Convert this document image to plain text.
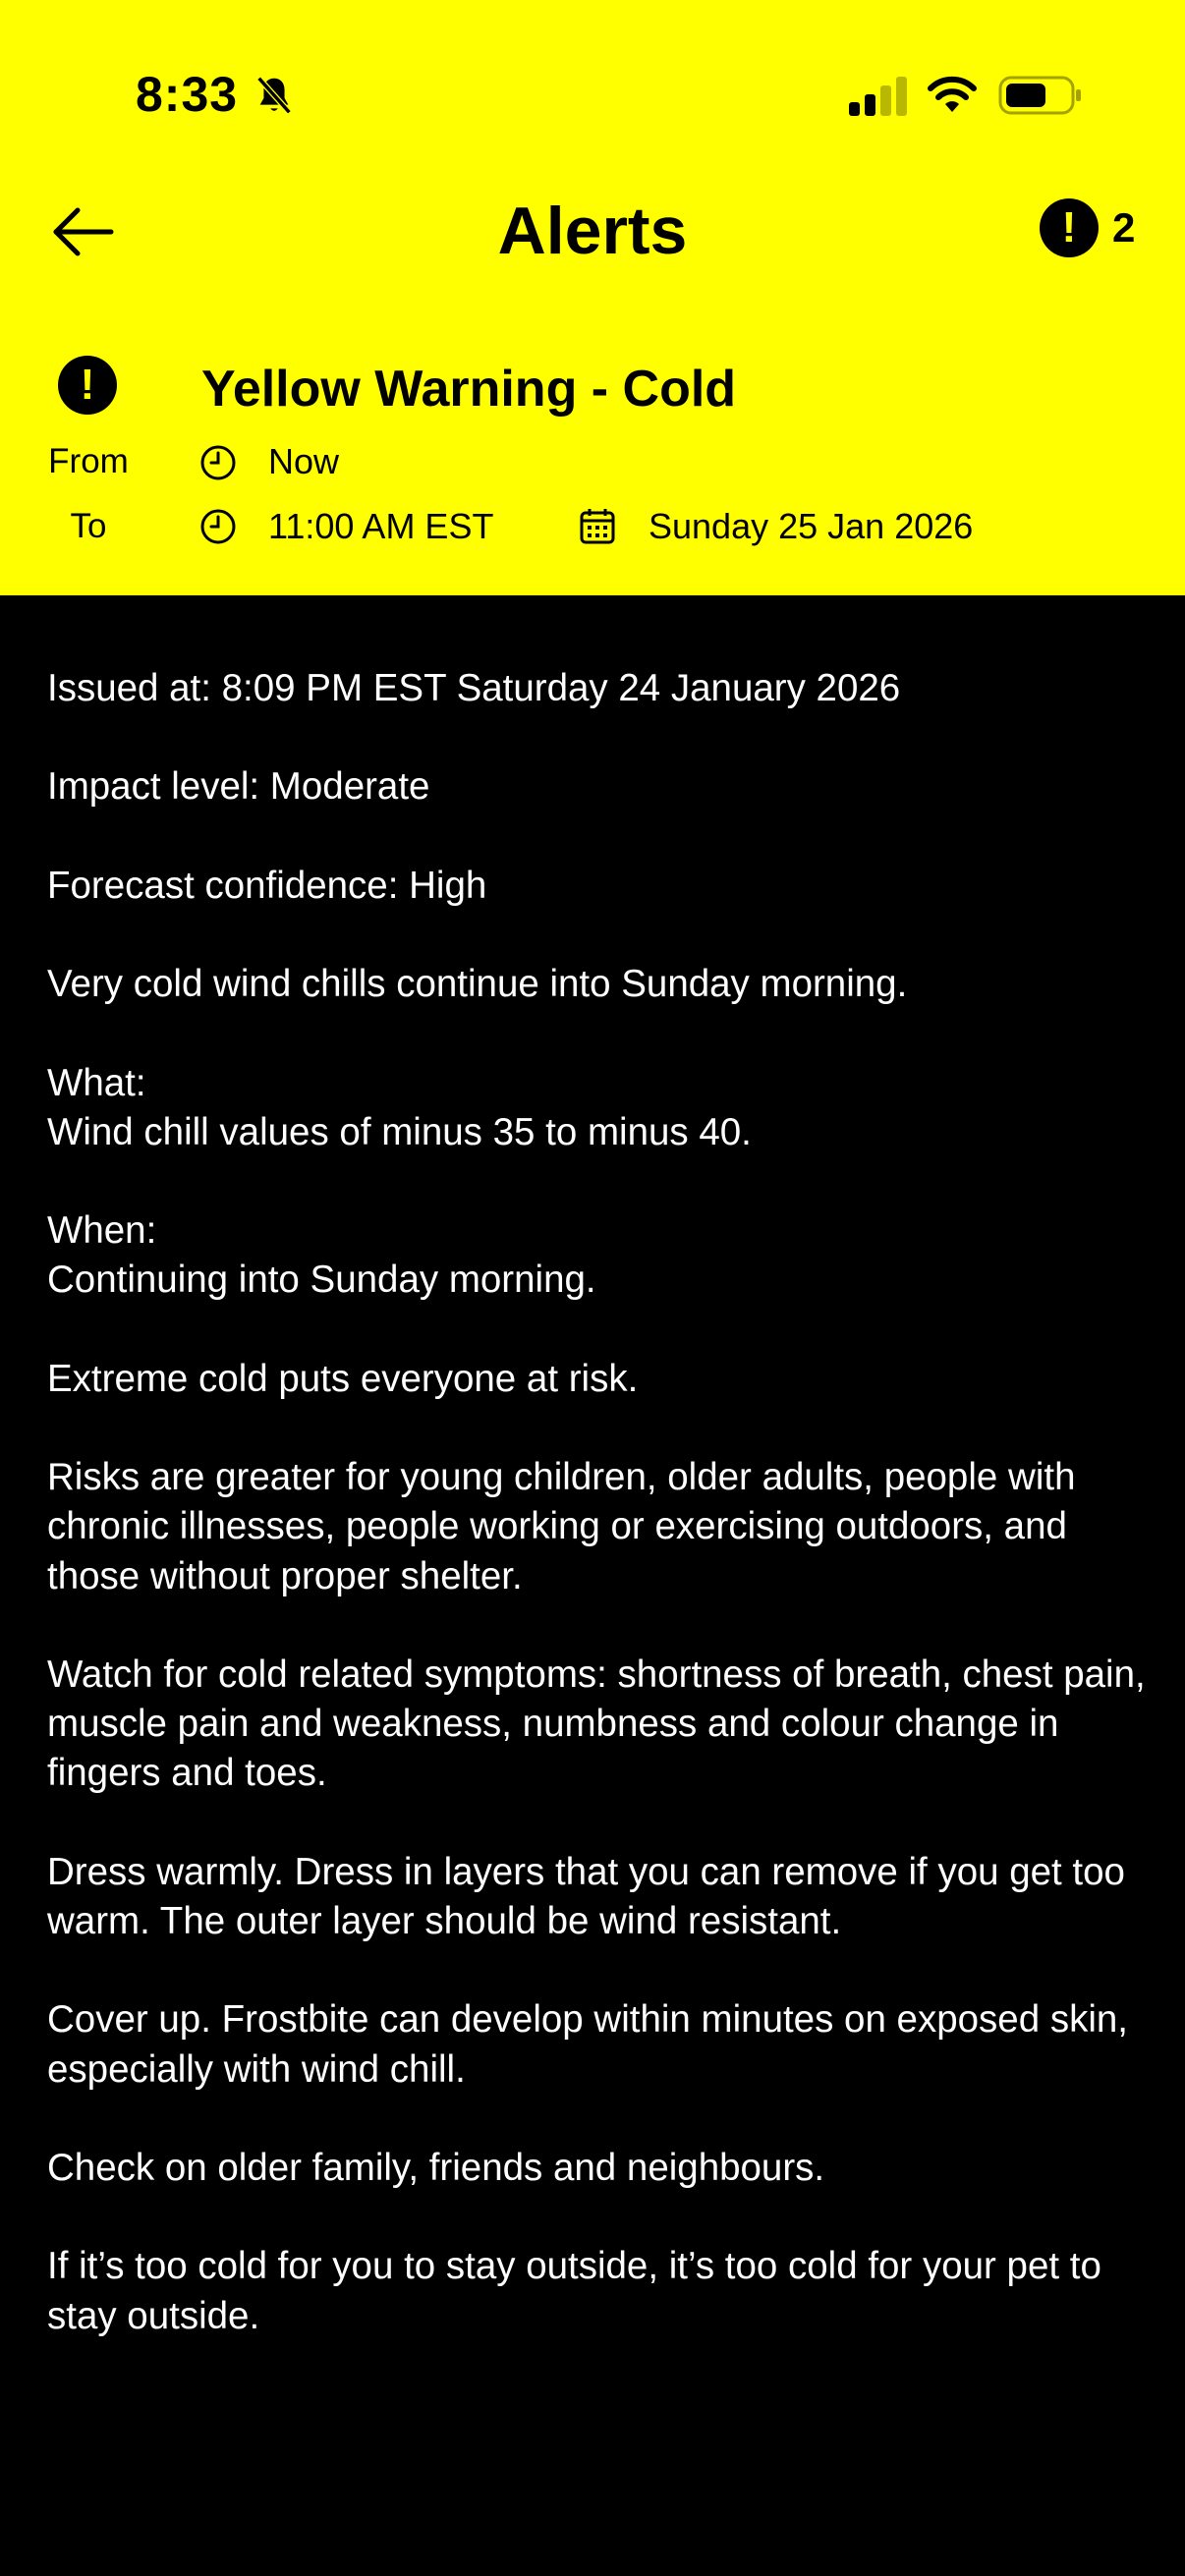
8:33
Alerts	! 2
!	Yellow Warning - Cold
From	Now
To	11:00 AM EST	Sunday 25 Jan 2026

Issued at: 8:09 PM EST Saturday 24 January 2026

Impact level: Moderate

Forecast confidence: High

Very cold wind chills continue into Sunday morning.

What:
Wind chill values of minus 35 to minus 40.

When:
Continuing into Sunday morning.

Extreme cold puts everyone at risk.

Risks are greater for young children, older adults, people with chronic illnesses, people working or exercising outdoors, and those without proper shelter.

Watch for cold related symptoms: shortness of breath, chest pain, muscle pain and weakness, numbness and colour change in fingers and toes.

Dress warmly. Dress in layers that you can remove if you get too warm. The outer layer should be wind resistant.

Cover up. Frostbite can develop within minutes on exposed skin, especially with wind chill.

Check on older family, friends and neighbours.

If it’s too cold for you to stay outside, it’s too cold for your pet to stay outside.
